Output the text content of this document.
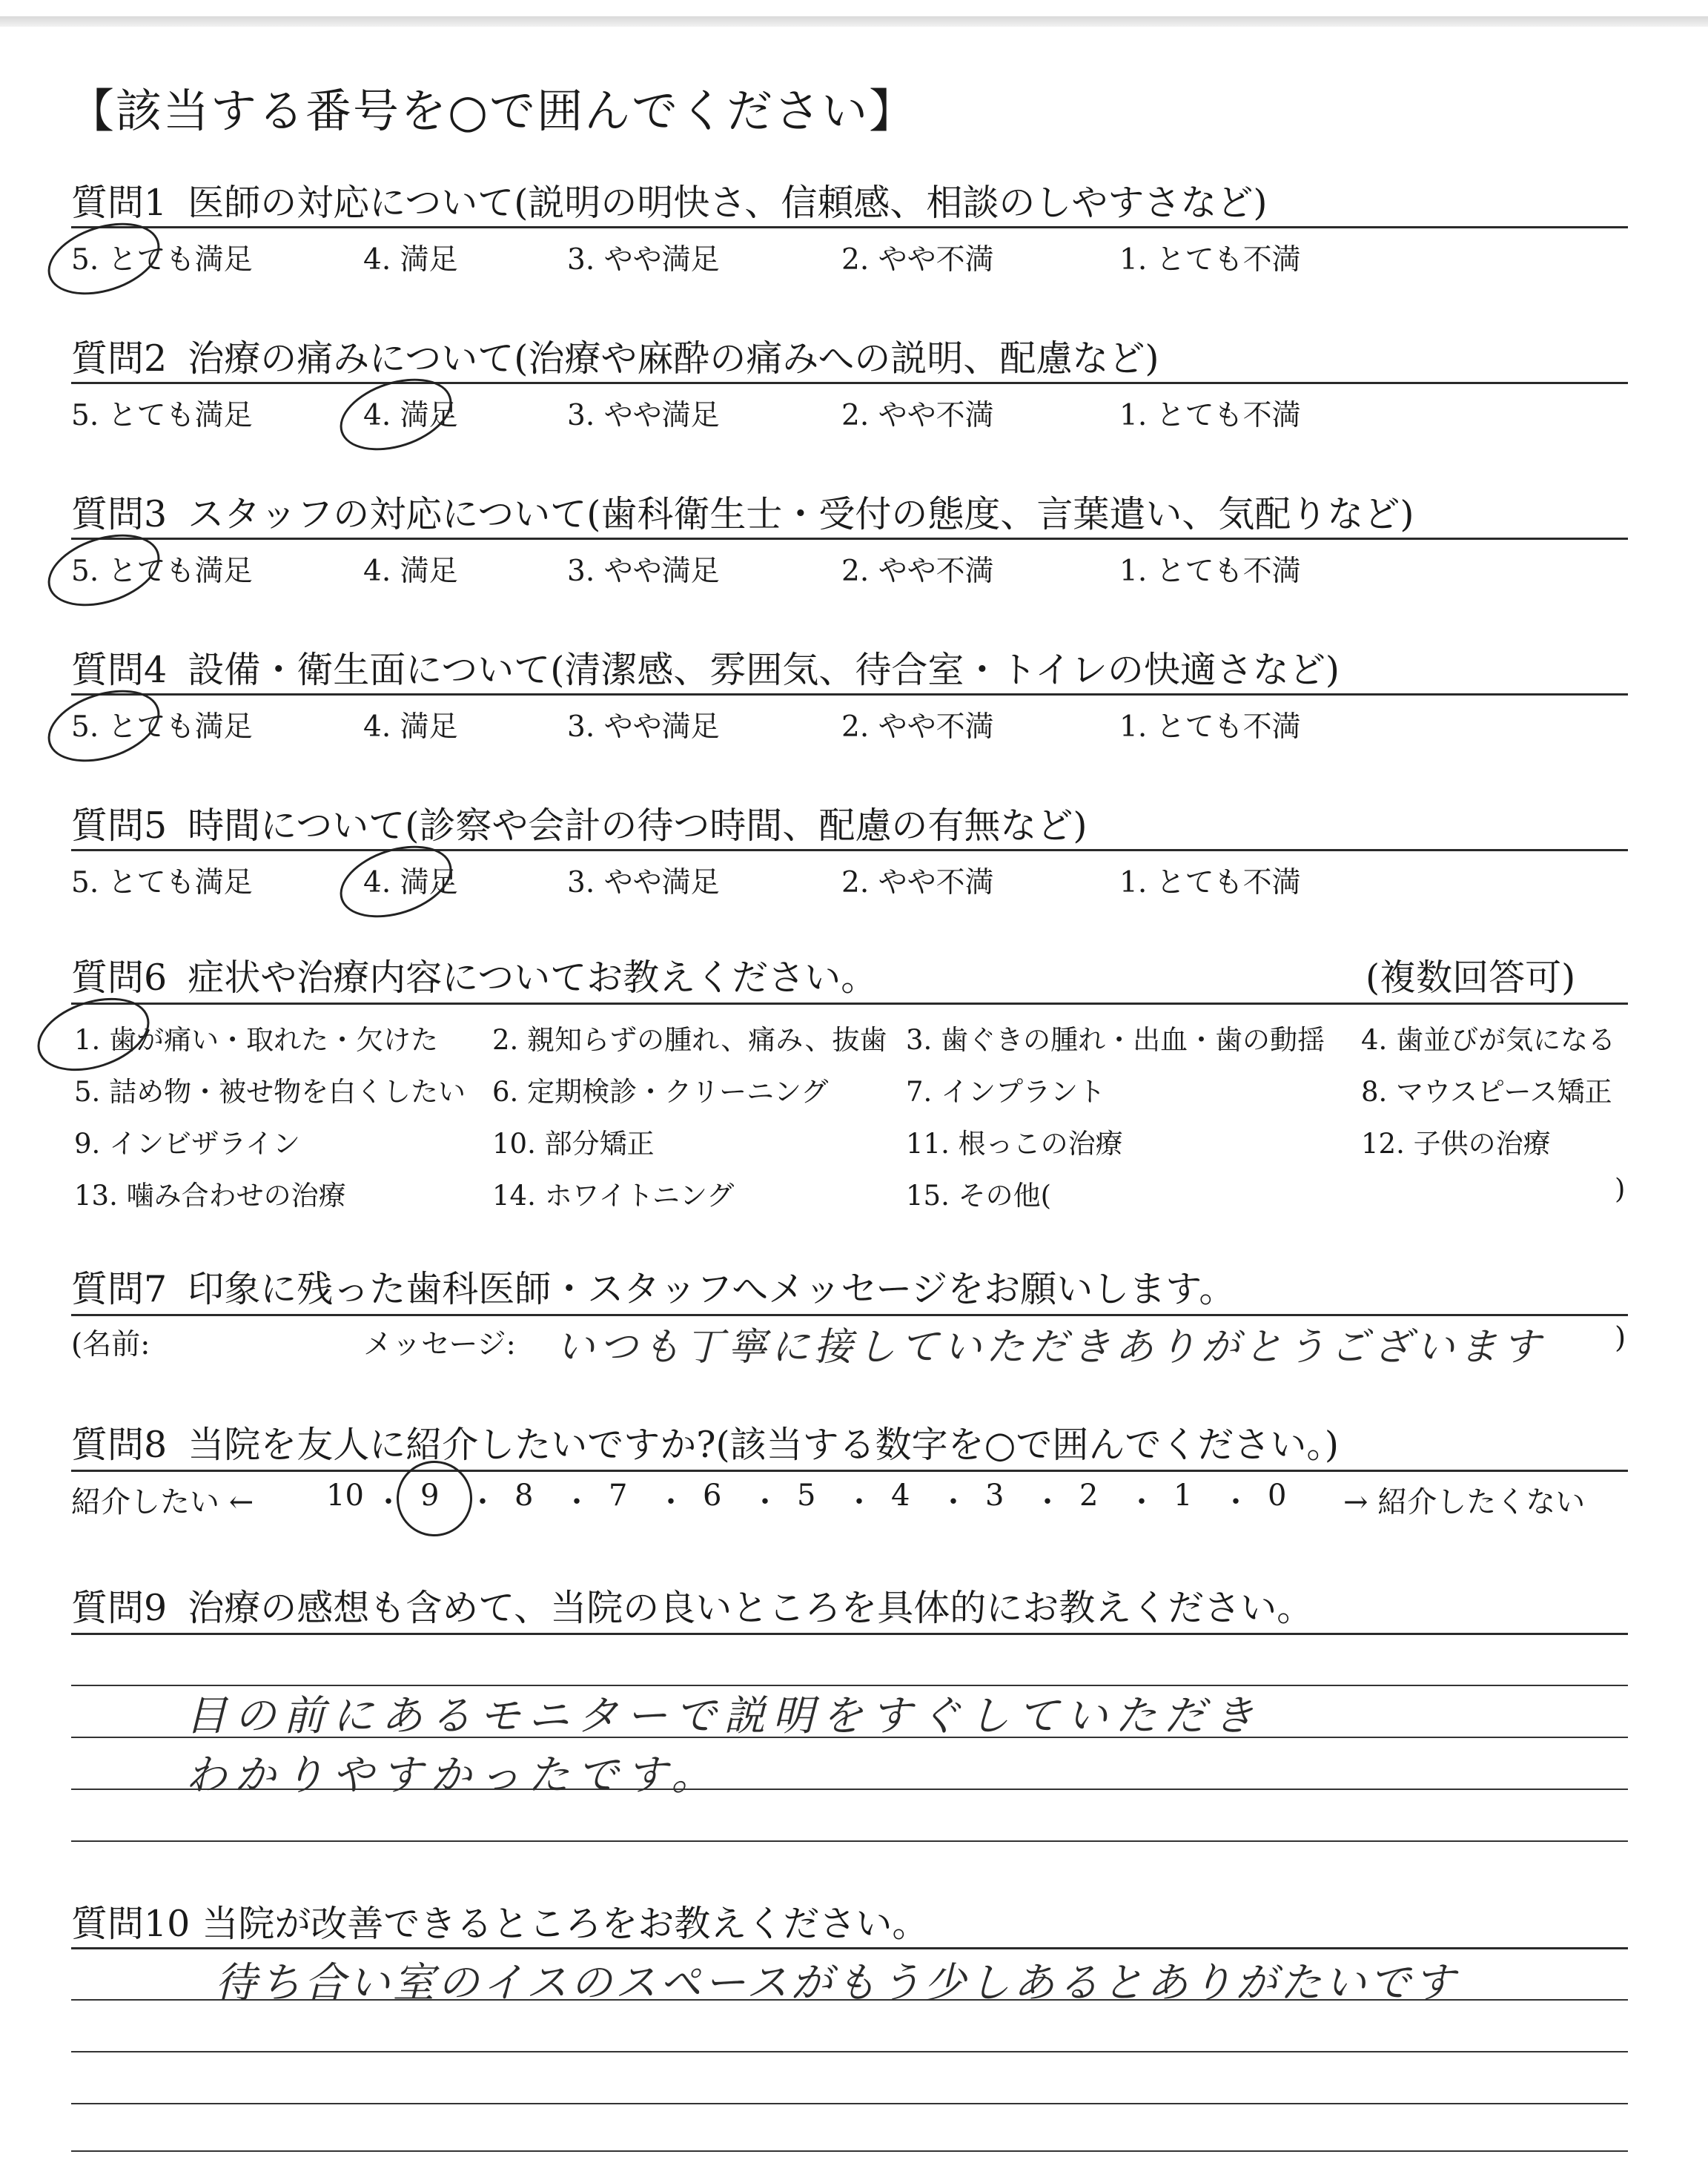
【該当する番号を○で囲んでください】
質問1 医師の対応について(説明の明快さ、信頼感、相談のしやすさなど)
5. とても満足	4. 満足	3. やや満足	2. やや不満	1. とても不満
質問2 治療の痛みについて(治療や麻酔の痛みへの説明、配慮など)
5. とても満足	4. 満足	3. やや満足	2. やや不満	1. とても不満
質問3 スタッフの対応について(歯科衛生士・受付の態度、言葉遣い、気配りなど)
5. とても満足	4. 満足	3. やや満足	2. やや不満	1. とても不満
質問4 設備・衛生面について(清潔感、雰囲気、待合室・トイレの快適さなど)
5. とても満足	4. 満足	3. やや満足	2. やや不満	1. とても不満
質問5 時間について(診察や会計の待つ時間、配慮の有無など)
5. とても満足	4. 満足	3. やや満足	2. やや不満	1. とても不満
質問6 症状や治療内容についてお教えください。	(複数回答可)
1. 歯が痛い・取れた・欠けた 2. 親知らずの腫れ、痛み、抜歯 3. 歯ぐきの腫れ・出血・歯の動揺 4. 歯並びが気になる
5. 詰め物・被せ物を白くしたい 6. 定期検診・クリーニング	7. インプラント	8. マウスピース矯正
9. インビザライン	10. 部分矯正	11. 根っこの治療	12. 子供の治療
13. 噛み合わせの治療	14. ホワイトニング	15. その他(	)
質問7 印象に残った歯科医師・スタッフへメッセージをお願いします。
(名前:	メッセージ: いつも丁寧に接していただきありがとうございます )
質問8 当院を友人に紹介したいですか?(該当する数字を○で囲んでください。)
紹介したい ← 10 ・ 9 ・ 8 ・ 7 ・ 6 ・ 5 ・ 4 ・ 3 ・ 2 ・ 1 ・ 0 → 紹介したくない
質問9 治療の感想も含めて、当院の良いところを具体的にお教えください。
目の前にあるモニターで説明をすぐしていただき
わかりやすかったです。
質問10 当院が改善できるところをお教えください。
待ち合い室のイスのスペースがもう少しあるとありがたいです
